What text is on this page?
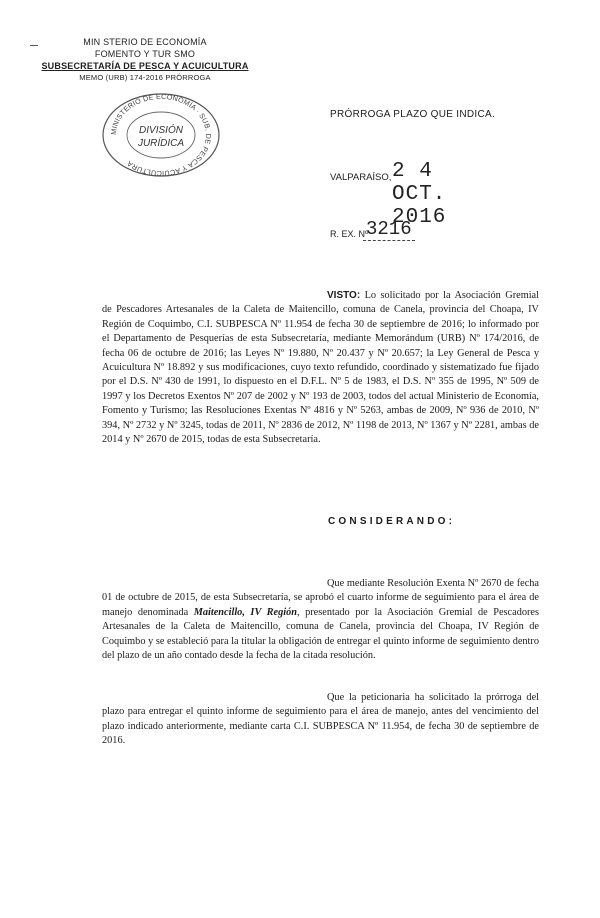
MIN STERIO DE ECONOMÍA
FOMENTO Y TUR SMO
SUBSECRETARÍA DE PESCA Y ACUICULTURA
MEMO (URB) 174-2016 PRÓRROGA
MINISTERIO DE ECONOMÍA · SUB. DE PESCA Y ACUICULTURA
DIVISIÓN
JURÍDICA
PRÓRROGA PLAZO QUE INDICA.
VALPARAÍSO, 2 4 OCT. 2016
R. EX. Nº
3216
VISTO: Lo solicitado por la Asociación Gremial de Pescadores Artesanales de la Caleta de Maitencillo, comuna de Canela, provincia del Choapa, IV Región de Coquimbo, C.I. SUBPESCA Nº 11.954 de fecha 30 de septiembre de 2016; lo informado por el Departamento de Pesquerías de esta Subsecretaría, mediante Memorándum (URB) Nº 174/2016, de fecha 06 de octubre de 2016; las Leyes Nº 19.880, Nº 20.437 y Nº 20.657; la Ley General de Pesca y Acuicultura Nº 18.892 y sus modificaciones, cuyo texto refundido, coordinado y sistematizado fue fijado por el D.S. Nº 430 de 1991, lo dispuesto en el D.F.L. Nº 5 de 1983, el D.S. Nº 355 de 1995, Nº 509 de 1997 y los Decretos Exentos Nº 207 de 2002 y Nº 193 de 2003, todos del actual Ministerio de Economía, Fomento y Turismo; las Resoluciones Exentas Nº 4816 y Nº 5263, ambas de 2009, Nº 936 de 2010, Nº 394, Nº 2732 y Nº 3245, todas de 2011, Nº 2836 de 2012, Nº 1198 de 2013, Nº 1367 y Nº 2281, ambas de 2014 y Nº 2670 de 2015, todas de esta Subsecretaría.
CONSIDERANDO:
Que mediante Resolución Exenta Nº 2670 de fecha 01 de octubre de 2015, de esta Subsecretaría, se aprobó el cuarto informe de seguimiento para el área de manejo denominada Maitencillo, IV Región, presentado por la Asociación Gremial de Pescadores Artesanales de la Caleta de Maitencillo, comuna de Canela, provincia del Choapa, IV Región de Coquimbo y se estableció para la titular la obligación de entregar el quinto informe de seguimiento dentro del plazo de un año contado desde la fecha de la citada resolución.
Que la peticionaria ha solicitado la prórroga del plazo para entregar el quinto informe de seguimiento para el área de manejo, antes del vencimiento del plazo indicado anteriormente, mediante carta C.I. SUBPESCA Nº 11.954, de fecha 30 de septiembre de 2016.
